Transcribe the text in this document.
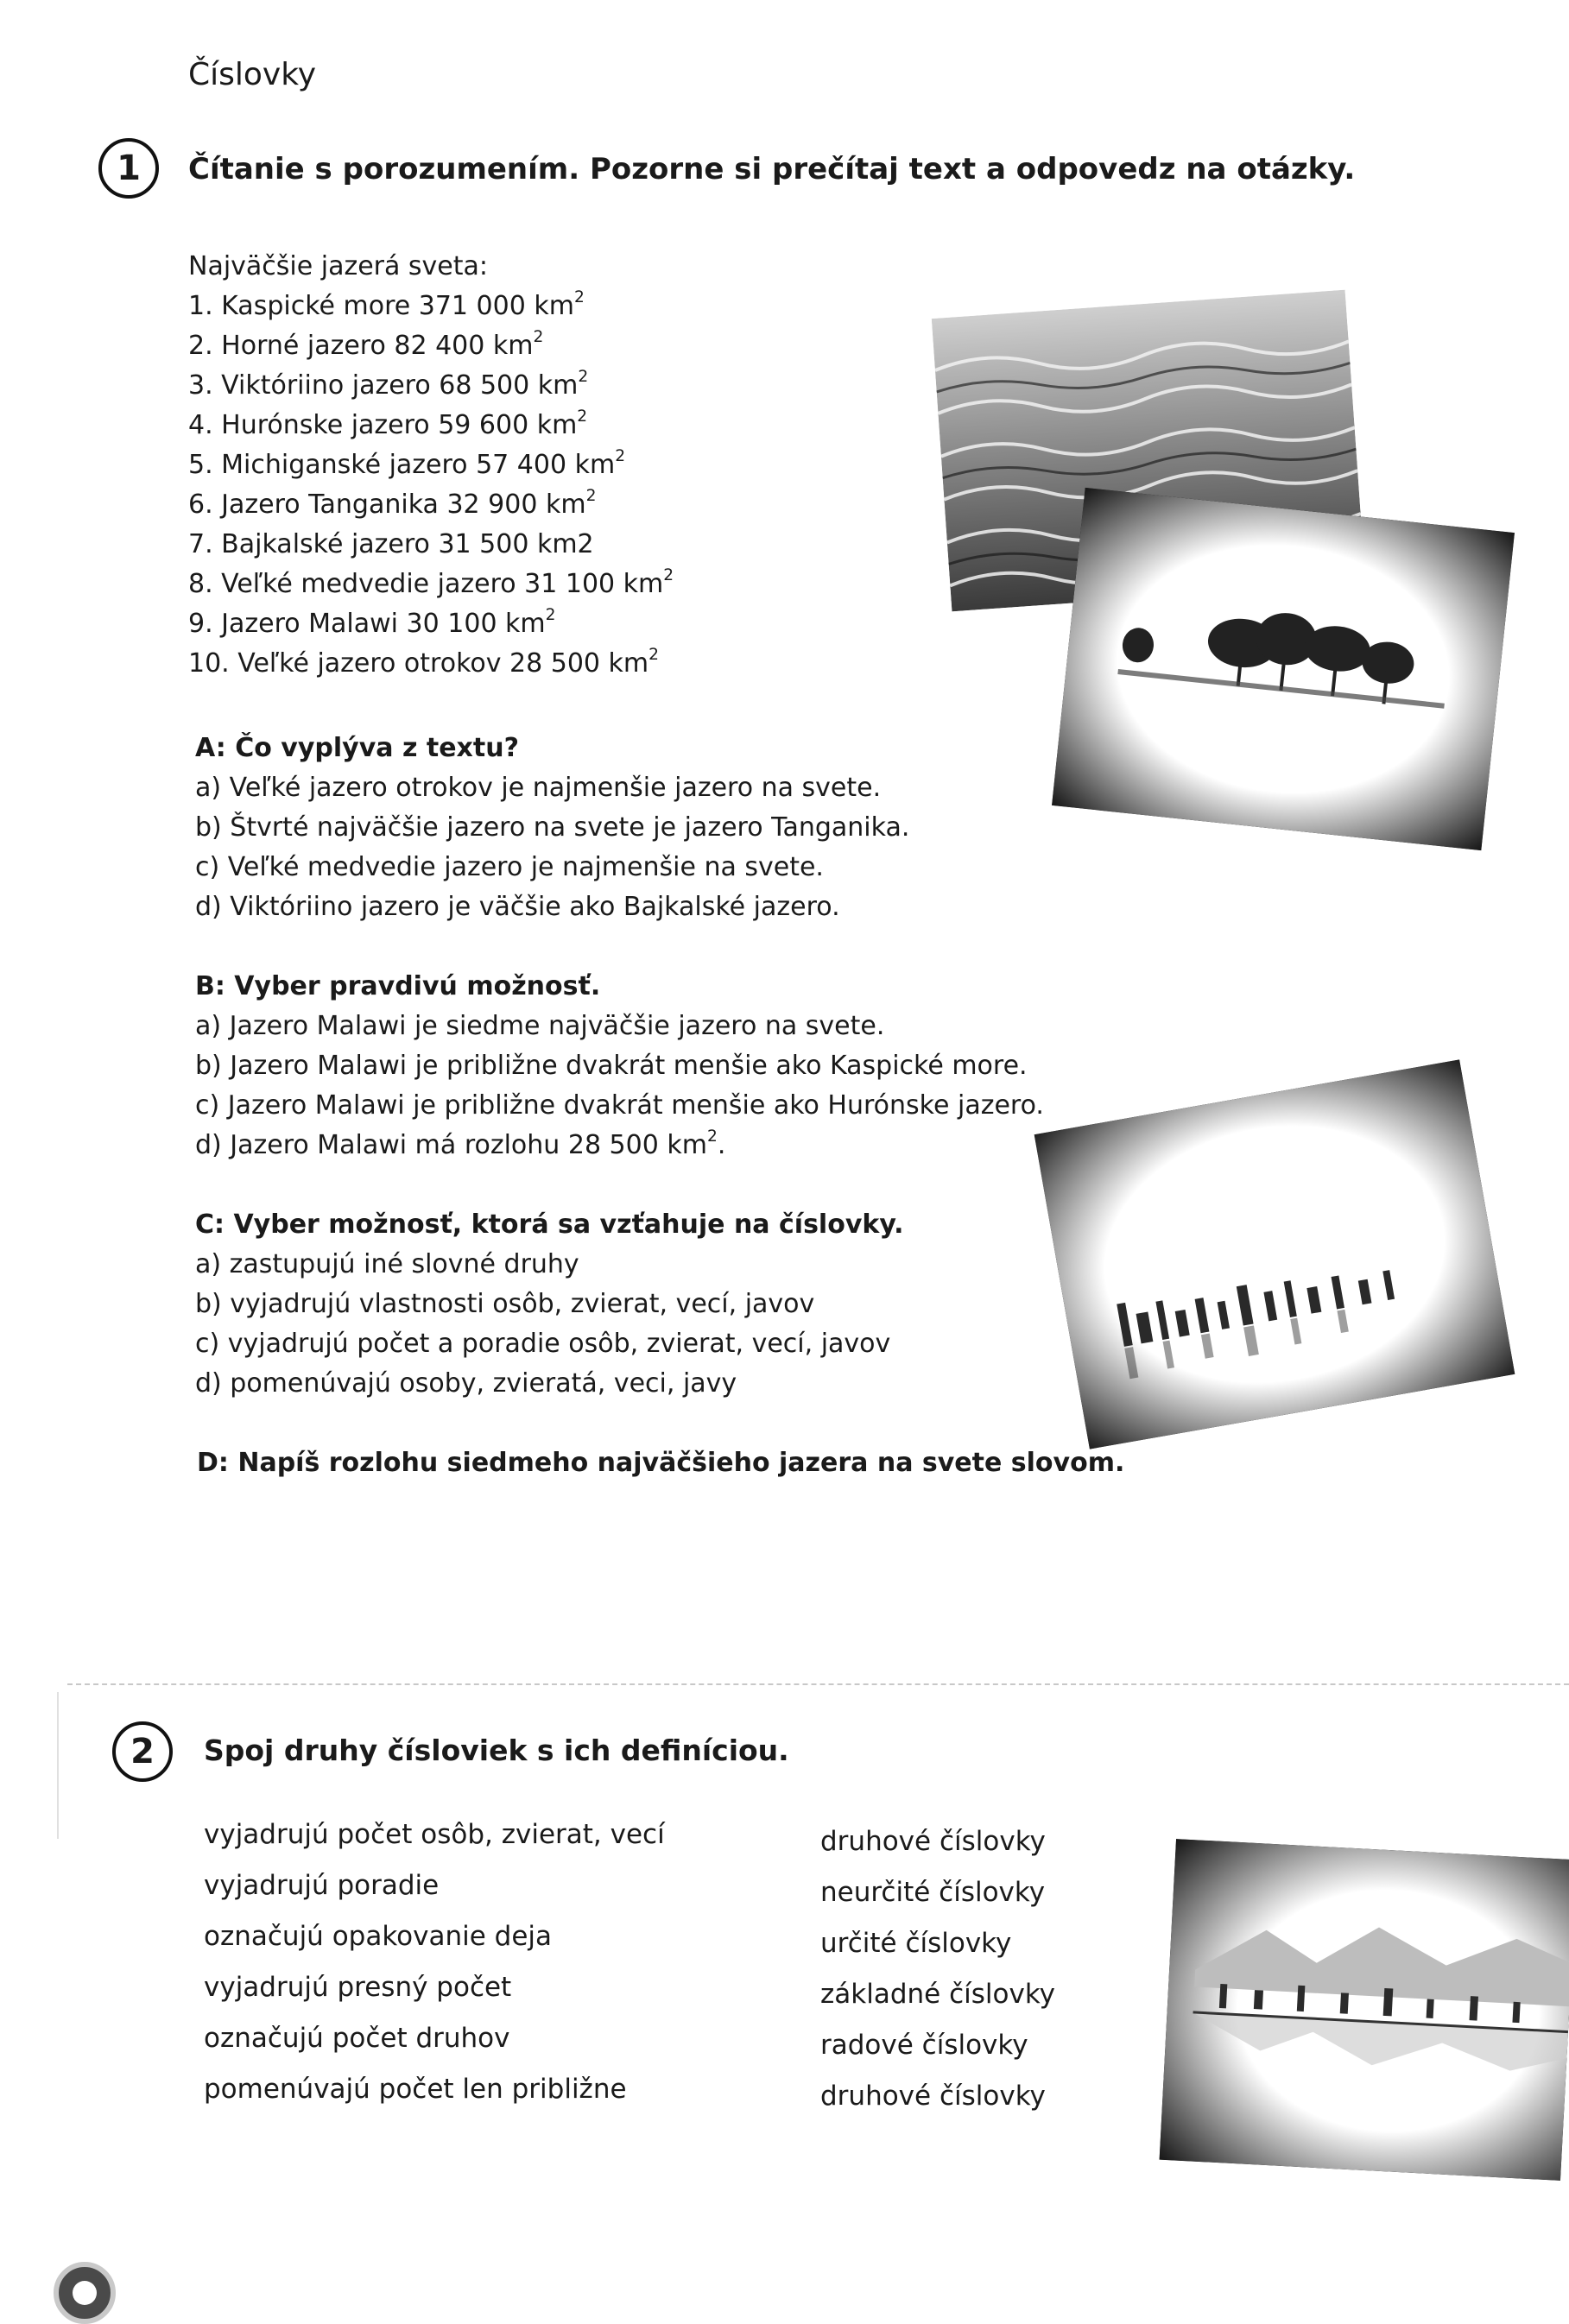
Číslovky
1	Čítanie s porozumením. Pozorne si prečítaj text a odpovedz na otázky.
Najväčšie jazerá sveta:
1. Kaspické more 371 000 $km^2$
2. Horné jazero 82 400 $km^2$
3. Viktóriino jazero 68 500 $km^2$
4. Hurónske jazero 59 600 $km^2$
5. Michiganské jazero 57 400 $km^2$
6. Jazero Tanganika 32 900 $km^2$
7. Bajkalské jazero 31 500 km2
8. Veľké medvedie jazero 31 100 $km^2$
9. Jazero Malawi 30 100 $km^2$
10. Veľké jazero otrokov 28 500 $km^2$
A: Čo vyplýva z textu?
a) Veľké jazero otrokov je najmenšie jazero na svete.
b) Štvrté najväčšie jazero na svete je jazero Tanganika.
c) Veľké medvedie jazero je najmenšie na svete.
d) Viktóriino jazero je väčšie ako Bajkalské jazero.
B: Vyber pravdivú možnosť.
a) Jazero Malawi je siedme najväčšie jazero na svete.
b) Jazero Malawi je približne dvakrát menšie ako Kaspické more.
c) Jazero Malawi je približne dvakrát menšie ako Hurónske jazero.
d) Jazero Malawi má rozlohu 28 500 $km^2$.
C: Vyber možnosť, ktorá sa vzťahuje na číslovky.
a) zastupujú iné slovné druhy
b) vyjadrujú vlastnosti osôb, zvierat, vecí, javov
c) vyjadrujú počet a poradie osôb, zvierat, vecí, javov
d) pomenúvajú osoby, zvieratá, veci, javy
D: Napíš rozlohu siedmeho najväčšieho jazera na svete slovom.
2	Spoj druhy čísloviek s ich definíciou.
vyjadrujú počet osôb, zvierat, vecí
vyjadrujú poradie
označujú opakovanie deja
vyjadrujú presný počet
označujú počet druhov
pomenúvajú počet len približne
druhové číslovky
neurčité číslovky
určité číslovky
základné číslovky
radové číslovky
druhové číslovky
